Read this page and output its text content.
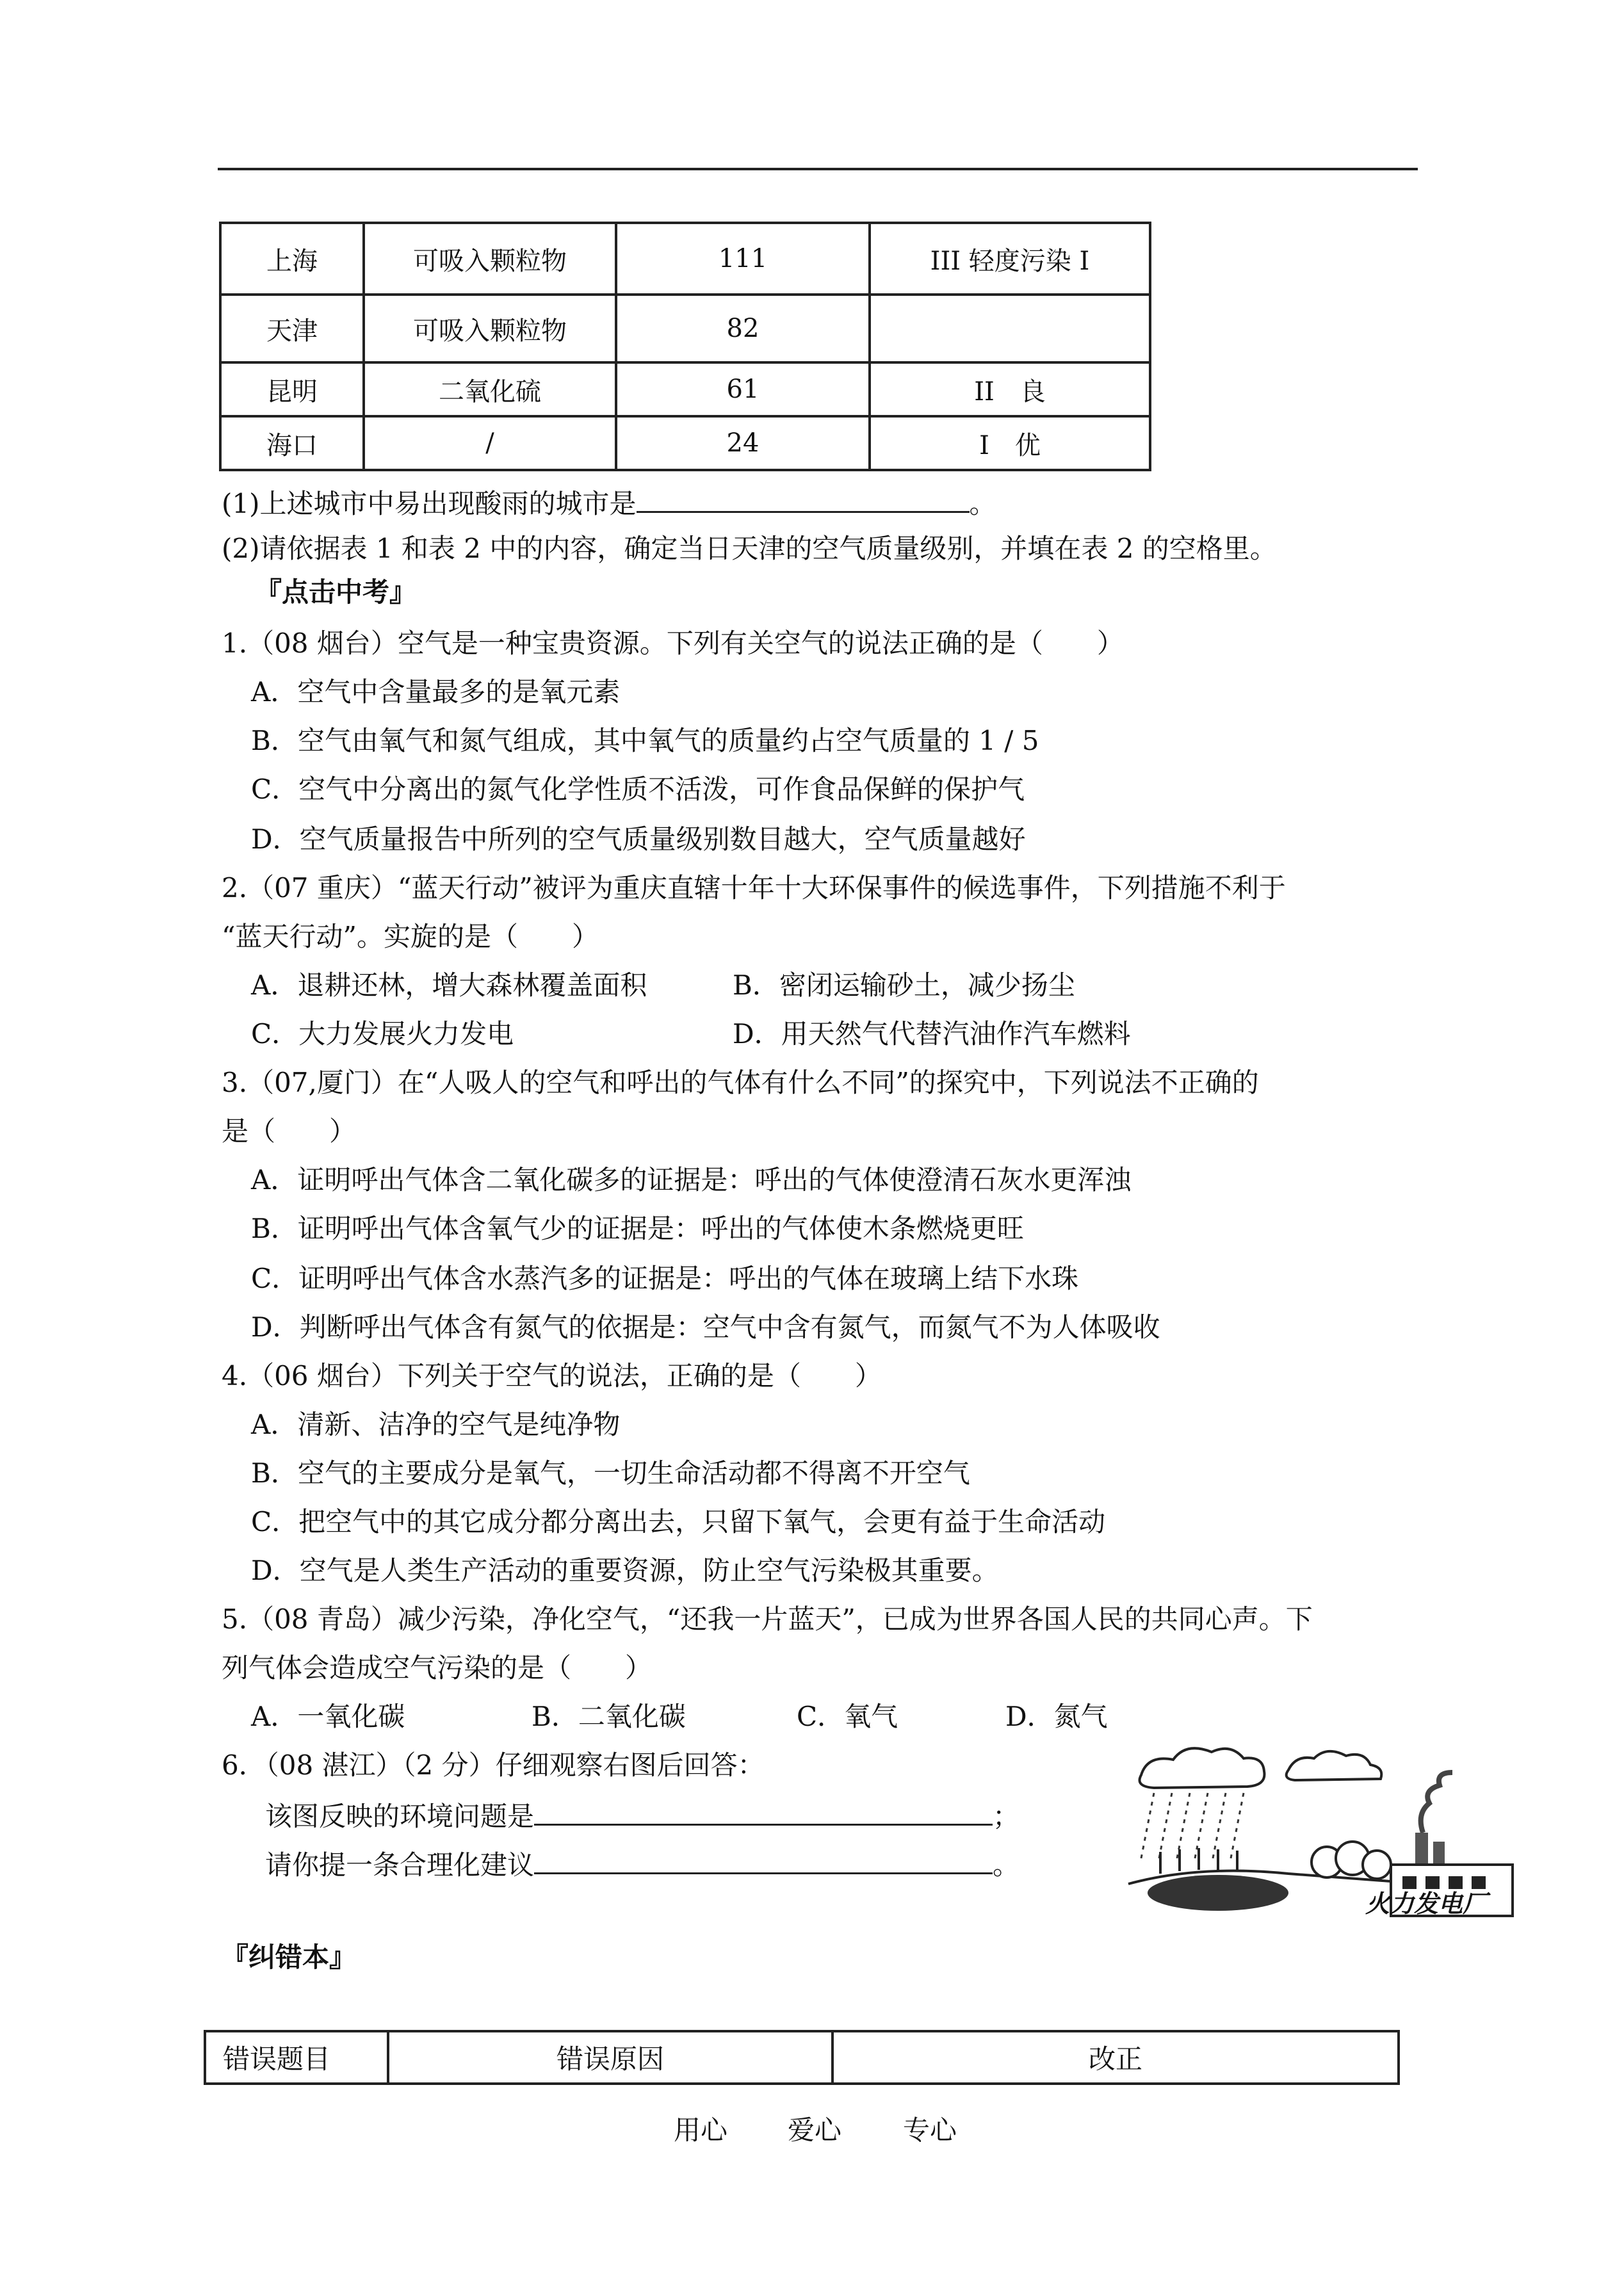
上海	可吸入颗粒物	111	III 轻度污染 I
天津	可吸入颗粒物	82	
昆明	二氧化硫	61	II　良
海口	/	24	I　优
(1)上述城市中易出现酸雨的城市是	。
(2)请依据表 1 和表 2 中的内容，确定当日天津的空气质量级别，并填在表 2 的空格里。
『点击中考』
1.（08 烟台）空气是一种宝贵资源。下列有关空气的说法正确的是（　　）
A．空气中含量最多的是氧元素
B．空气由氧气和氮气组成，其中氧气的质量约占空气质量的 1 / 5
C．空气中分离出的氮气化学性质不活泼，可作食品保鲜的保护气
D．空气质量报告中所列的空气质量级别数目越大，空气质量越好
2.（07 重庆）“蓝天行动”被评为重庆直辖十年十大环保事件的候选事件，下列措施不利于
“蓝天行动”。实旋的是（　　）
A．退耕还林，增大森林覆盖面积	B．密闭运输砂土，减少扬尘
C．大力发展火力发电	D．用天然气代替汽油作汽车燃料
3.（07,厦门）在“人吸人的空气和呼出的气体有什么不同”的探究中，下列说法不正确的
是（　　）
A．证明呼出气体含二氧化碳多的证据是：呼出的气体使澄清石灰水更浑浊
B．证明呼出气体含氧气少的证据是：呼出的气体使木条燃烧更旺
C．证明呼出气体含水蒸汽多的证据是：呼出的气体在玻璃上结下水珠
D．判断呼出气体含有氮气的依据是：空气中含有氮气，而氮气不为人体吸收
4.（06 烟台）下列关于空气的说法，正确的是（　　）
A．清新、洁净的空气是纯净物
B．空气的主要成分是氧气，一切生命活动都不得离不开空气
C．把空气中的其它成分都分离出去，只留下氧气，会更有益于生命活动
D．空气是人类生产活动的重要资源，防止空气污染极其重要。
5.（08 青岛）减少污染，净化空气，“还我一片蓝天”，已成为世界各国人民的共同心声。下
列气体会造成空气污染的是（　　）
A．一氧化碳	B．二氧化碳	C．氧气	D．氮气
6．（08 湛江）（2 分）仔细观察右图后回答：
该图反映的环境问题是	；
请你提一条合理化建议	。
火力发电厂
『纠错本』
错误题目	错误原因	改正
用心 爱心 专心
